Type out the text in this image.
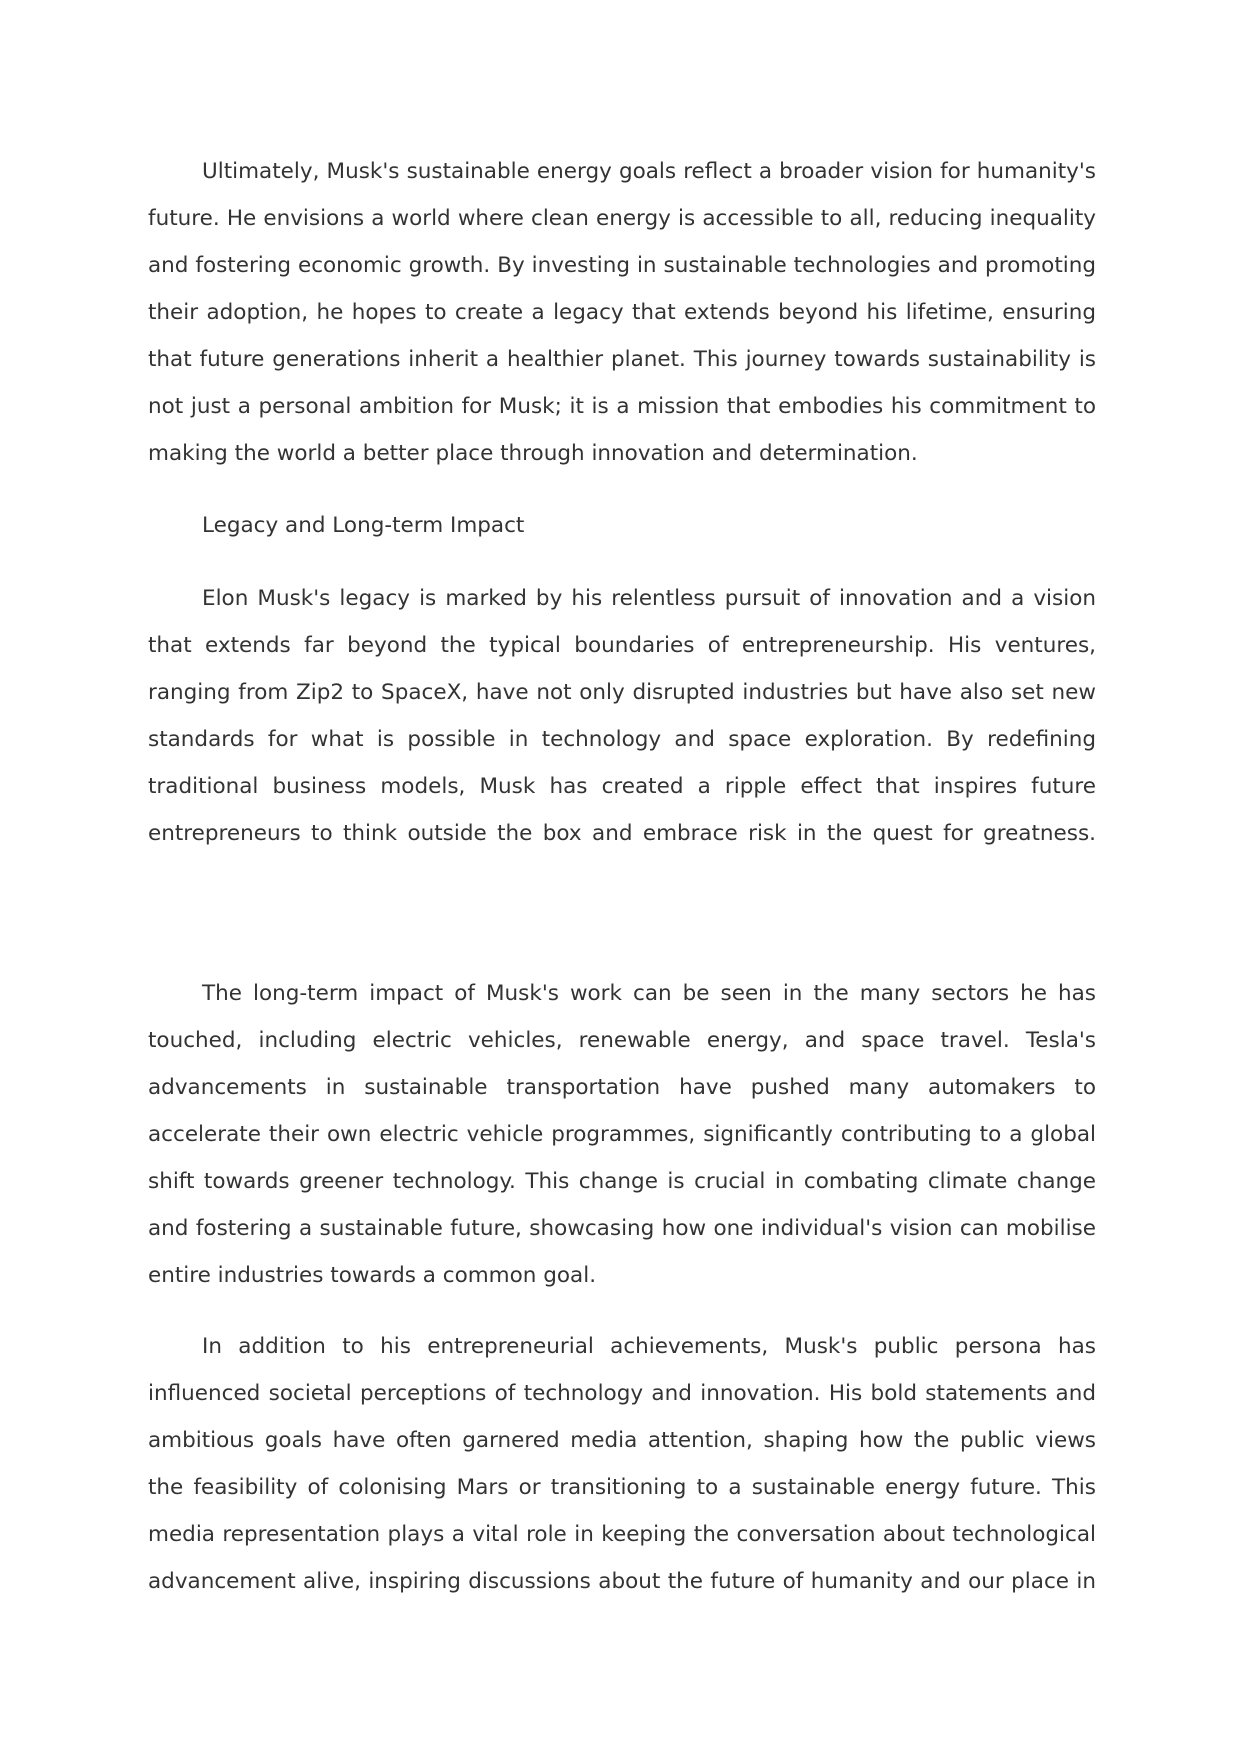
Ultimately, Musk's sustainable energy goals reflect a broader vision for humanity's future. He envisions a world where clean energy is accessible to all, reducing inequality and fostering economic growth. By investing in sustainable technologies and promoting their adoption, he hopes to create a legacy that extends beyond his lifetime, ensuring that future generations inherit a healthier planet. This journey towards sustainability is not just a personal ambition for Musk; it is a mission that embodies his commitment to making the world a better place through innovation and determination.

Legacy and Long-term Impact

Elon Musk's legacy is marked by his relentless pursuit of innovation and a vision that extends far beyond the typical boundaries of entrepreneurship. His ventures, ranging from Zip2 to SpaceX, have not only disrupted industries but have also set new standards for what is possible in technology and space exploration. By redefining traditional business models, Musk has created a ripple effect that inspires future entrepreneurs to think outside the box and embrace risk in the quest for greatness.

The long-term impact of Musk's work can be seen in the many sectors he has touched, including electric vehicles, renewable energy, and space travel. Tesla's advancements in sustainable transportation have pushed many automakers to accelerate their own electric vehicle programmes, significantly contributing to a global shift towards greener technology. This change is crucial in combating climate change and fostering a sustainable future, showcasing how one individual's vision can mobilise entire industries towards a common goal.

In addition to his entrepreneurial achievements, Musk's public persona has influenced societal perceptions of technology and innovation. His bold statements and ambitious goals have often garnered media attention, shaping how the public views the feasibility of colonising Mars or transitioning to a sustainable energy future. This media representation plays a vital role in keeping the conversation about technological advancement alive, inspiring discussions about the future of humanity and our place in
